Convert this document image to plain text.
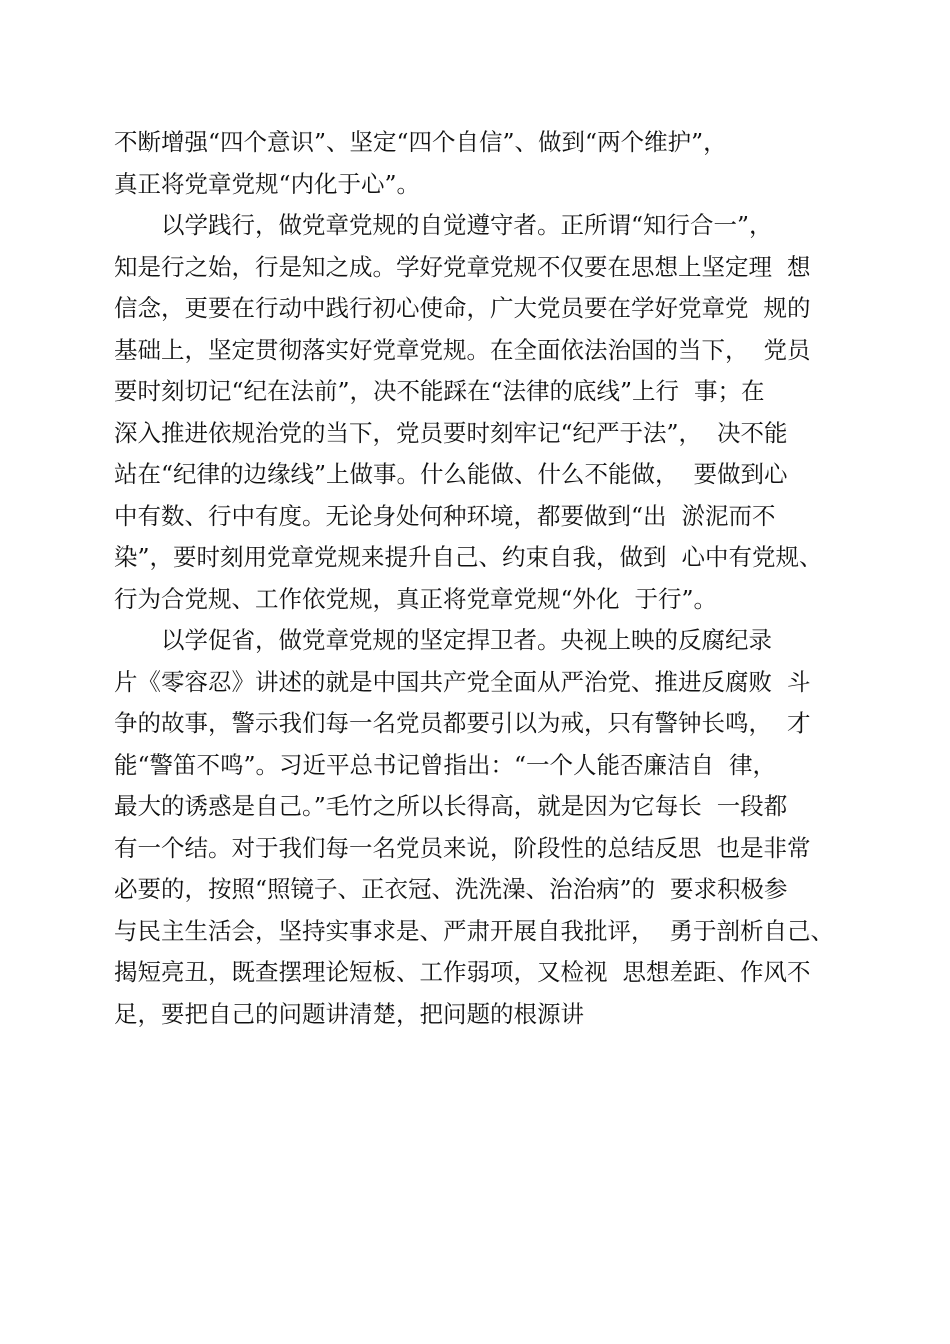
不断增强“四个意识”、坚定“四个自信”、做到“两个维护”，
真正将党章党规“内化于心”。
以学践行，做党章党规的自觉遵守者。正所谓“知行合一”，
知是行之始，行是知之成。学好党章党规不仅要在思想上坚定理  想
信念，更要在行动中践行初心使命，广大党员要在学好党章党  规的
基础上，坚定贯彻落实好党章党规。在全面依法治国的当下，  党员
要时刻切记“纪在法前”，决不能踩在“法律的底线”上行  事；在
深入推进依规治党的当下，党员要时刻牢记“纪严于法”，  决不能
站在“纪律的边缘线”上做事。什么能做、什么不能做，  要做到心
中有数、行中有度。无论身处何种环境，都要做到“出  淤泥而不
染”，要时刻用党章党规来提升自己、约束自我，做到  心中有党规、
行为合党规、工作依党规，真正将党章党规“外化  于行”。
以学促省，做党章党规的坚定捍卫者。央视上映的反腐纪录
片《零容忍》讲述的就是中国共产党全面从严治党、推进反腐败  斗
争的故事，警示我们每一名党员都要引以为戒，只有警钟长鸣，  才
能“警笛不鸣”。习近平总书记曾指出：“一个人能否廉洁自  律，
最大的诱惑是自己。”毛竹之所以长得高，就是因为它每长  一段都
有一个结。对于我们每一名党员来说，阶段性的总结反思  也是非常
必要的，按照“照镜子、正衣冠、洗洗澡、治治病”的  要求积极参
与民主生活会，坚持实事求是、严肃开展自我批评，  勇于剖析自己、
揭短亮丑，既查摆理论短板、工作弱项，又检视  思想差距、作风不
足，要把自己的问题讲清楚，把问题的根源讲
